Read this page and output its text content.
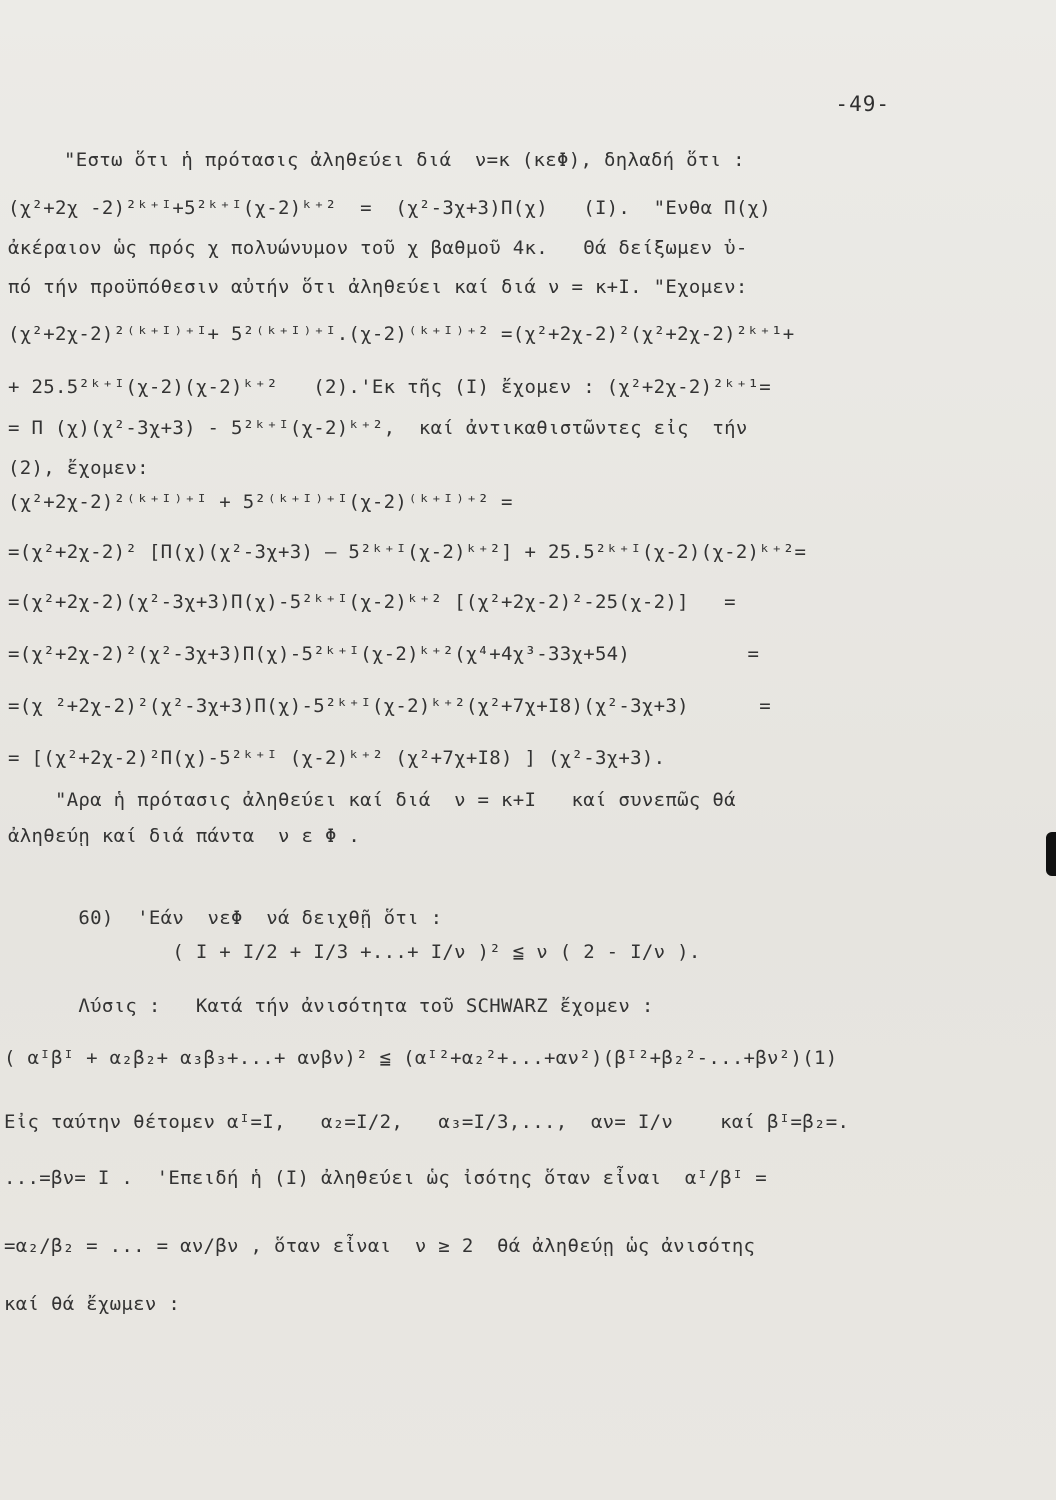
-49-
"Εστω ὅτι ἡ πρότασις ἀληθεύει διά  ν=κ (κεΦ), δηλαδή ὅτι :
(χ²+2χ -2)²ᵏ⁺ᴵ+5²ᵏ⁺ᴵ(χ-2)ᵏ⁺²  =  (χ²-3χ+3)Π(χ)   (Ι).  "Ενθα Π(χ)
ἀκέραιον ὡς πρός χ πολυώνυμον τοῦ χ βαθμοῦ 4κ.   Θά δείξωμεν ὑ-
πό τήν προϋπόθεσιν αὐτήν ὅτι ἀληθεύει καί διά ν = κ+Ι. "Εχομεν:
(χ²+2χ-2)²⁽ᵏ⁺ᴵ⁾⁺ᴵ+ 5²⁽ᵏ⁺ᴵ⁾⁺ᴵ.(χ-2)⁽ᵏ⁺ᴵ⁾⁺² =(χ²+2χ-2)²(χ²+2χ-2)²ᵏ⁺¹+
+ 25.5²ᵏ⁺ᴵ(χ-2)(χ-2)ᵏ⁺²   (2).'Εκ τῆς (Ι) ἔχομεν : (χ²+2χ-2)²ᵏ⁺¹=
= Π (χ)(χ²-3χ+3) - 5²ᵏ⁺ᴵ(χ-2)ᵏ⁺²,  καί ἀντικαθιστῶντες εἰς  τήν
(2), ἔχομεν:
(χ²+2χ-2)²⁽ᵏ⁺ᴵ⁾⁺ᴵ + 5²⁽ᵏ⁺ᴵ⁾⁺ᴵ(χ-2)⁽ᵏ⁺ᴵ⁾⁺² =
=(χ²+2χ-2)² [Π(χ)(χ²-3χ+3) — 5²ᵏ⁺ᴵ(χ-2)ᵏ⁺²] + 25.5²ᵏ⁺ᴵ(χ-2)(χ-2)ᵏ⁺²=
=(χ²+2χ-2)(χ²-3χ+3)Π(χ)-5²ᵏ⁺ᴵ(χ-2)ᵏ⁺² [(χ²+2χ-2)²-25(χ-2)]   =
=(χ²+2χ-2)²(χ²-3χ+3)Π(χ)-5²ᵏ⁺ᴵ(χ-2)ᵏ⁺²(χ⁴+4χ³-33χ+54)          =
=(χ ²+2χ-2)²(χ²-3χ+3)Π(χ)-5²ᵏ⁺ᴵ(χ-2)ᵏ⁺²(χ²+7χ+Ι8)(χ²-3χ+3)      =
= [(χ²+2χ-2)²Π(χ)-5²ᵏ⁺ᴵ (χ-2)ᵏ⁺² (χ²+7χ+Ι8) ] (χ²-3χ+3).
"Αρα ἡ πρότασις ἀληθεύει καί διά  ν = κ+Ι   καί συνεπῶς θά
ἀληθεύῃ καί διά πάντα  ν ε Φ .
60)  'Εάν  νεΦ  νά δειχθῇ ὅτι :
( Ι + Ι/2 + Ι/3 +...+ Ι/ν )² ≦ ν ( 2 - Ι/ν ).
Λύσις :   Κατά τήν ἀνισότητα τοῦ SCHWARZ ἔχομεν :
( αᴵβᴵ + α₂β₂+ α₃β₃+...+ ανβν)² ≦ (αᴵ²+α₂²+...+αν²)(βᴵ²+β₂²-...+βν²)(1)
Εἰς ταύτην θέτομεν αᴵ=Ι,   α₂=Ι/2,   α₃=Ι/3,...,  αν= Ι/ν    καί βᴵ=β₂=.
...=βν= Ι .  'Επειδή ἡ (Ι) ἀληθεύει ὡς ἰσότης ὅταν εἶναι  αᴵ/βᴵ =
=α₂/β₂ = ... = αν/βν , ὅταν εἶναι  ν ≥ 2  θά ἀληθεύῃ ὡς ἀνισότης
καί θά ἔχωμεν :
